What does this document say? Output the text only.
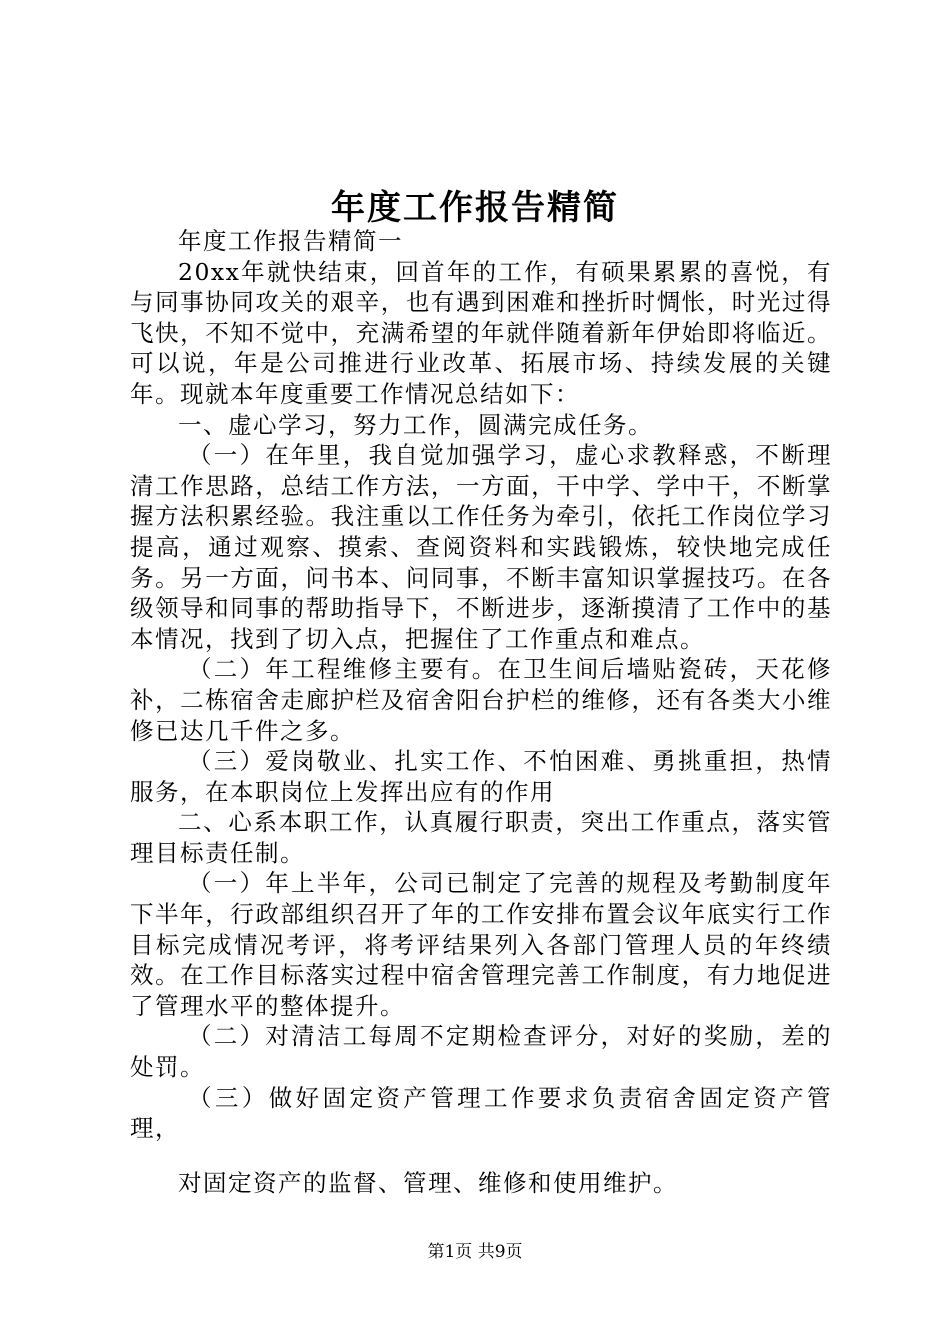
年度工作报告精简

年度工作报告精简一

20xx年就快结束，回首年的工作，有硕果累累的喜悦，有与同事协同攻关的艰辛，也有遇到困难和挫折时惆怅，时光过得飞快，不知不觉中，充满希望的年就伴随着新年伊始即将临近。可以说，年是公司推进行业改革、拓展市场、持续发展的关键年。现就本年度重要工作情况总结如下：

一、虚心学习，努力工作，圆满完成任务。

（一）在年里，我自觉加强学习，虚心求教释惑，不断理清工作思路，总结工作方法，一方面，干中学、学中干，不断掌握方法积累经验。我注重以工作任务为牵引，依托工作岗位学习提高，通过观察、摸索、查阅资料和实践锻炼，较快地完成任务。另一方面，问书本、问同事，不断丰富知识掌握技巧。在各级领导和同事的帮助指导下，不断进步，逐渐摸清了工作中的基本情况，找到了切入点，把握住了工作重点和难点。

（二）年工程维修主要有。在卫生间后墙贴瓷砖，天花修补，二栋宿舍走廊护栏及宿舍阳台护栏的维修，还有各类大小维修已达几千件之多。

（三）爱岗敬业、扎实工作、不怕困难、勇挑重担，热情服务，在本职岗位上发挥出应有的作用

二、心系本职工作，认真履行职责，突出工作重点，落实管理目标责任制。

（一）年上半年，公司已制定了完善的规程及考勤制度年下半年，行政部组织召开了年的工作安排布置会议年底实行工作目标完成情况考评，将考评结果列入各部门管理人员的年终绩效。在工作目标落实过程中宿舍管理完善工作制度，有力地促进了管理水平的整体提升。

（二）对清洁工每周不定期检查评分，对好的奖励，差的处罚。

（三）做好固定资产管理工作要求负责宿舍固定资产管理，

对固定资产的监督、管理、维修和使用维护。

第1页 共9页
